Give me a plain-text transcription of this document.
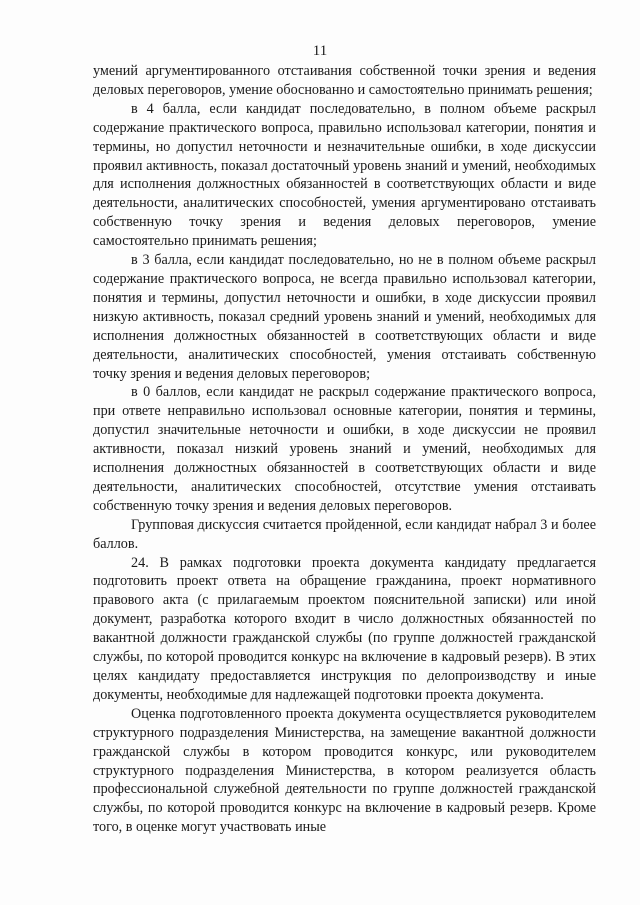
11

умений аргументированного отстаивания собственной точки зрения и ведения деловых переговоров, умение обоснованно и самостоятельно принимать решения;

в 4 балла, если кандидат последовательно, в полном объеме раскрыл содержание практического вопроса, правильно использовал категории, понятия и термины, но допустил неточности и незначительные ошибки, в ходе дискуссии проявил активность, показал достаточный уровень знаний и умений, необходимых для исполнения должностных обязанностей в соответствующих области и виде деятельности, аналитических способностей, умения аргументировано отстаивать собственную точку зрения и ведения деловых переговоров, умение самостоятельно принимать решения;

в 3 балла, если кандидат последовательно, но не в полном объеме раскрыл содержание практического вопроса, не всегда правильно использовал категории, понятия и термины, допустил неточности и ошибки, в ходе дискуссии проявил низкую активность, показал средний уровень знаний и умений, необходимых для исполнения должностных обязанностей в соответствующих области и виде деятельности, аналитических способностей, умения отстаивать собственную точку зрения и ведения деловых переговоров;

в 0 баллов, если кандидат не раскрыл содержание практического вопроса, при ответе неправильно использовал основные категории, понятия и термины, допустил значительные неточности и ошибки, в ходе дискуссии не проявил активности, показал низкий уровень знаний и умений, необходимых для исполнения должностных обязанностей в соответствующих области и виде деятельности, аналитических способностей, отсутствие умения отстаивать собственную точку зрения и ведения деловых переговоров.

Групповая дискуссия считается пройденной, если кандидат набрал 3 и более баллов.

24. В рамках подготовки проекта документа кандидату предлагается подготовить проект ответа на обращение гражданина, проект нормативного правового акта (с прилагаемым проектом пояснительной записки) или иной документ, разработка которого входит в число должностных обязанностей по вакантной должности гражданской службы (по группе должностей гражданской службы, по которой проводится конкурс на включение в кадровый резерв). В этих целях кандидату предоставляется инструкция по делопроизводству и иные документы, необходимые для надлежащей подготовки проекта документа.

Оценка подготовленного проекта документа осуществляется руководителем структурного подразделения Министерства, на замещение вакантной должности гражданской службы в котором проводится конкурс, или руководителем структурного подразделения Министерства, в котором реализуется область профессиональной служебной деятельности по группе должностей гражданской службы, по которой проводится конкурс на включение в кадровый резерв. Кроме того, в оценке могут участвовать иные
